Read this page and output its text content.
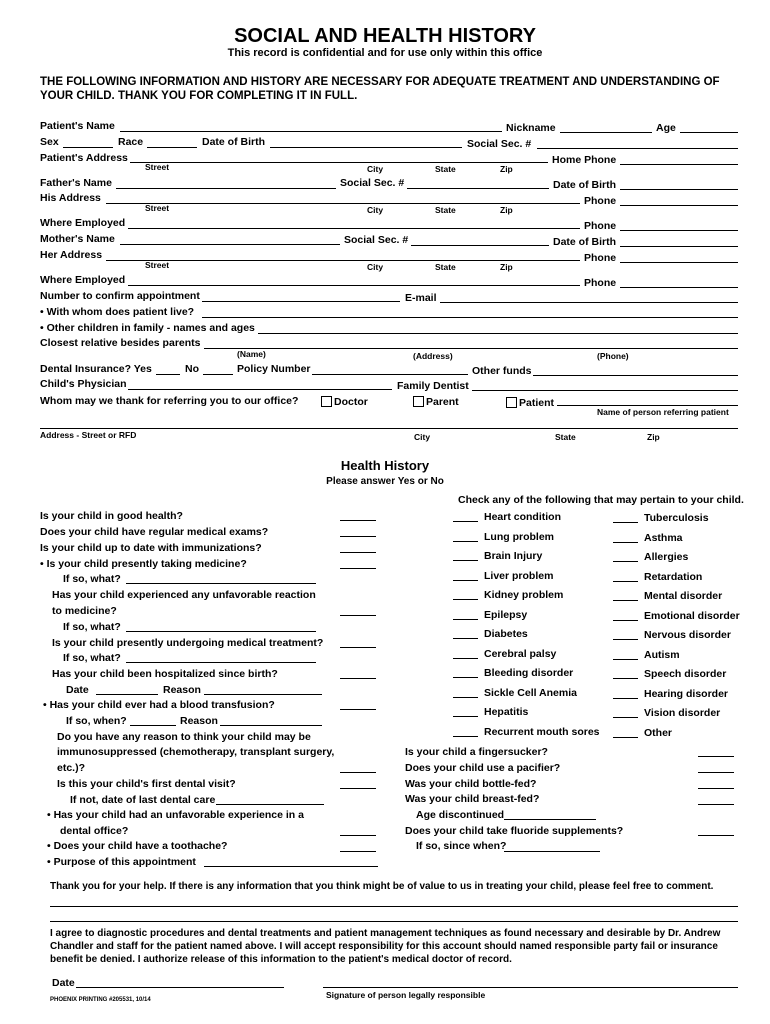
SOCIAL AND HEALTH HISTORY
This record is confidential and for use only within this office
THE FOLLOWING INFORMATION AND HISTORY ARE NECESSARY FOR ADEQUATE TREATMENT AND UNDERSTANDING OF
YOUR CHILD. THANK YOU FOR COMPLETING IT IN FULL.
Patient's Name	Nickname	Age
Sex	Race	Date of Birth	Social Sec. #
Patient's Address	Home Phone
Street	City	State	Zip
Father's Name	Social Sec. #	Date of Birth
His Address	Phone
Street	City	State	Zip
Where Employed	Phone
Mother's Name	Social Sec. #	Date of Birth
Her Address	Phone
Street	City	State	Zip
Where Employed	Phone
Number to confirm appointment	E-mail
• With whom does patient live?
• Other children in family - names and ages
Closest relative besides parents
(Name)	(Address)	(Phone)
Dental Insurance? Yes	No	Policy Number	Other funds
Child's Physician	Family Dentist
Whom may we thank for referring you to our office?	Doctor	Parent	Patient
Name of person referring patient
Address - Street or RFD	City	State	Zip
Health History
Please answer Yes or No
Check any of the following that may pertain to your child.
Is your child in good health?
Does your child have regular medical exams?
Is your child up to date with immunizations?
• Is your child presently taking medicine?
If so, what?
Has your child experienced any unfavorable reaction
to medicine?
If so, what?
Is your child presently undergoing medical treatment?
If so, what?
Has your child been hospitalized since birth?
Date	Reason
• Has your child ever had a blood transfusion?
If so, when?	Reason
Do you have any reason to think your child may be
immunosuppressed (chemotherapy, transplant surgery,
etc.)?
Is this your child's first dental visit?
If not, date of last dental care
• Has your child had an unfavorable experience in a
dental office?
• Does your child have a toothache?
• Purpose of this appointment
Heart condition
Lung problem
Brain Injury
Liver problem
Kidney problem
Epilepsy
Diabetes
Cerebral palsy
Bleeding disorder
Sickle Cell Anemia
Hepatitis
Recurrent mouth sores
Tuberculosis
Asthma
Allergies
Retardation
Mental disorder
Emotional disorder
Nervous disorder
Autism
Speech disorder
Hearing disorder
Vision disorder
Other
Is your child a fingersucker?
Does your child use a pacifier?
Was your child bottle-fed?
Was your child breast-fed?
Age discontinued
Does your child take fluoride supplements?
If so, since when?
Thank you for your help. If there is any information that you think might be of value to us in treating your child, please feel free to comment.
I agree to diagnostic procedures and dental treatments and patient management techniques as found necessary and desirable by Dr. Andrew Chandler and staff for the patient named above. I will accept responsibility for this account should named responsible party fail or insurance benefit be denied. I authorize release of this information to the patient's medical doctor of record.
Date
Signature of person legally responsible
PHOENIX PRINTING #205531, 10/14
